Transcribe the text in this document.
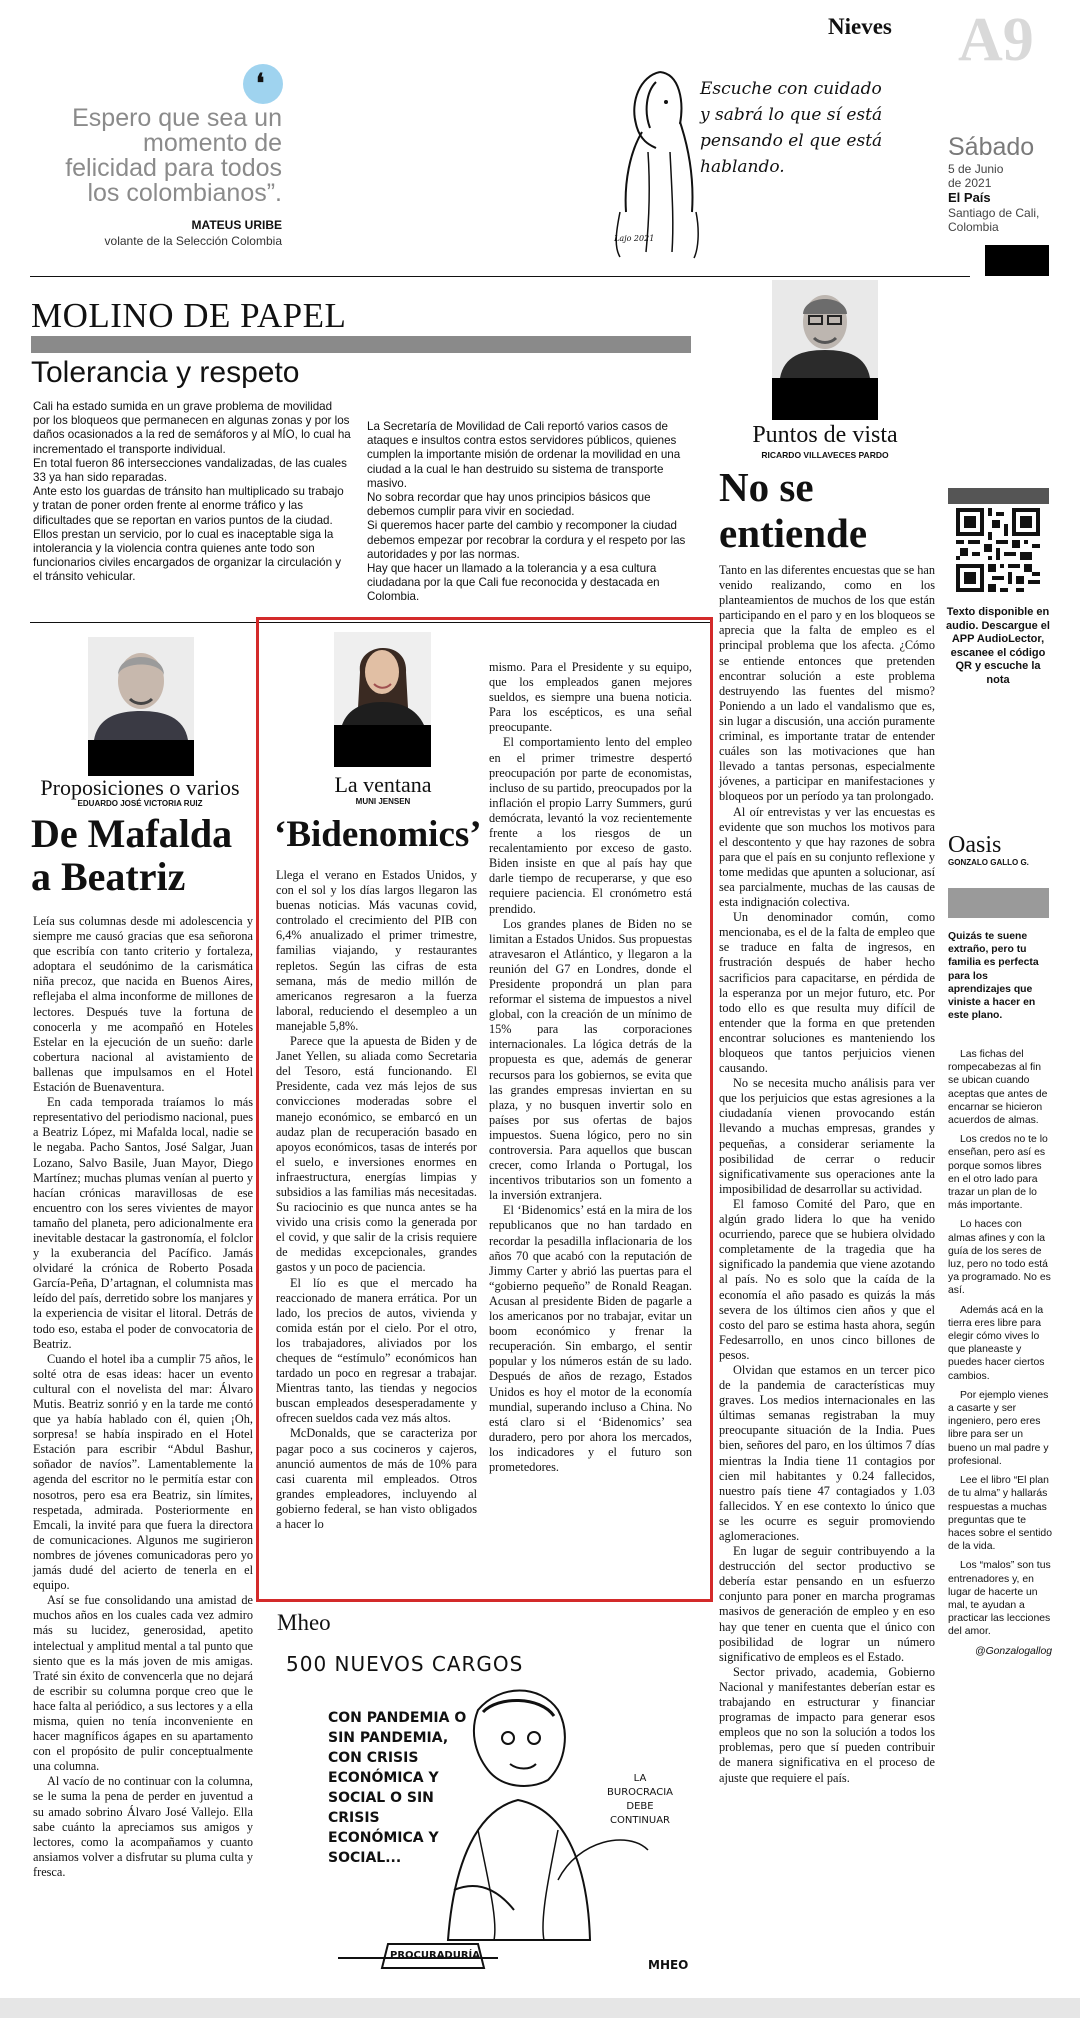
Nieves A9
Sábado
5 de Junio
de 2021
El País
Santiago de Cali,
Colombia
❛
Espero que sea un momento de felicidad para todos los colombianos”.
MATEUS URIBE
volante de la Selección Colombia
Escuche con cuidado y sabrá lo que sí está pensando el que está hablando.
Lajo 2021
MOLINO DE PAPEL
Tolerancia y respeto

Cali ha estado sumida en un grave problema de movilidad por los bloqueos que permanecen en algunas zonas y por los daños ocasionados a la red de semáforos y al MÍO, lo cual ha incrementado el transporte individual.

En total fueron 86 intersecciones vandalizadas, de las cuales 33 ya han sido reparadas.

Ante esto los guardas de tránsito han multiplicado su trabajo y tratan de poner orden frente al enorme tráfico y las dificultades que se reportan en varios puntos de la ciudad.

Ellos prestan un servicio, por lo cual es inaceptable siga la intolerancia y la violencia contra quienes ante todo son funcionarios civiles encargados de organizar la circulación y el tránsito vehicular.

La Secretaría de Movilidad de Cali reportó varios casos de ataques e insultos contra estos servidores públicos, quienes cumplen la importante misión de ordenar la movilidad en una ciudad a la cual le han destruido su sistema de transporte masivo.

No sobra recordar que hay unos principios básicos que debemos cumplir para vivir en sociedad.

Si queremos hacer parte del cambio y recomponer la ciudad debemos empezar por recobrar la cordura y el respeto por las autoridades y por las normas.

Hay que hacer un llamado a la tolerancia y a esa cultura ciudadana por la que Cali fue reconocida y destacada en Colombia.

Puntos de vista
RICARDO VILLAVECES PARDO
No se entiende

Tanto en las diferentes encuestas que se han venido realizando, como en los planteamientos de muchos de los que están participando en el paro y en los bloqueos se aprecia que la falta de empleo es el principal problema que los afecta. ¿Cómo se entiende entonces que pretenden encontrar solución a este problema destruyendo las fuentes del mismo? Poniendo a un lado el vandalismo que es, sin lugar a discusión, una acción puramente criminal, es importante tratar de entender cuáles son las motivaciones que han llevado a tantas personas, especialmente jóvenes, a participar en manifestaciones y bloqueos por un período ya tan prolongado.

Al oír entrevistas y ver las encuestas es evidente que son muchos los motivos para el descontento y que hay razones de sobra para que el país en su conjunto reflexione y tome medidas que apunten a solucionar, así sea parcialmente, muchas de las causas de esta indignación colectiva.

Un denominador común, como mencionaba, es el de la falta de empleo que se traduce en falta de ingresos, en frustración después de haber hecho sacrificios para capacitarse, en pérdida de la esperanza por un mejor futuro, etc. Por todo ello es que resulta muy difícil de entender que la forma en que pretenden encontrar soluciones es manteniendo los bloqueos que tantos perjuicios vienen causando.

No se necesita mucho análisis para ver que los perjuicios que estas agresiones a la ciudadanía vienen provocando están llevando a muchas empresas, grandes y pequeñas, a considerar seriamente la posibilidad de cerrar o reducir significativamente sus operaciones ante la imposibilidad de desarrollar su actividad.

El famoso Comité del Paro, que en algún grado lidera lo que ha venido ocurriendo, parece que se hubiera olvidado completamente de la tragedia que ha significado la pandemia que viene azotando al país. No es solo que la caída de la economía el año pasado es quizás la más severa de los últimos cien años y que el costo del paro se estima hasta ahora, según Fedesarrollo, en unos cinco billones de pesos.

Olvidan que estamos en un tercer pico de la pandemia de características muy graves. Los medios internacionales en las últimas semanas registraban la muy preocupante situación de la India. Pues bien, señores del paro, en los últimos 7 días mientras la India tiene 11 contagios por cien mil habitantes y 0.24 fallecidos, nuestro país tiene 47 contagiados y 1.03 fallecidos. Y en ese contexto lo único que se les ocurre es seguir promoviendo aglomeraciones.

En lugar de seguir contribuyendo a la destrucción del sector productivo se debería estar pensando en un esfuerzo conjunto para poner en marcha programas masivos de generación de empleo y en eso hay que tener en cuenta que el único con posibilidad de lograr un número significativo de empleos es el Estado.

Sector privado, academia, Gobierno Nacional y manifestantes deberían estar es trabajando en estructurar y financiar programas de impacto para generar esos empleos que no son la solución a todos los problemas, pero que sí pueden contribuir de manera significativa en el proceso de ajuste que requiere el país.

Texto disponible en audio. Descargue el APP AudioLector, escanee el código QR y escuche la nota
Oasis
GONZALO GALLO G.
Quizás te suene extraño, pero tu familia es perfecta para los aprendizajes que viniste a hacer en este plano.

Las fichas del rompecabezas al fin se ubican cuando aceptas que antes de encarnar se hicieron acuerdos de almas.

Los credos no te lo enseñan, pero así es porque somos libres en el otro lado para trazar un plan de lo más importante.

Lo haces con almas afines y con la guía de los seres de luz, pero no todo está ya programado. No es así.

Además acá en la tierra eres libre para elegir cómo vives lo que planeaste y puedes hacer ciertos cambios.

Por ejemplo vienes a casarte y ser ingeniero, pero eres libre para ser un bueno un mal padre y profesional.

Lee el libro “El plan de tu alma” y hallarás respuestas a muchas preguntas que te haces sobre el sentido de la vida.

Los “malos” son tus entrenadores y, en lugar de hacerte un mal, te ayudan a practicar las lecciones del amor.

@Gonzalogallog

Proposiciones o varios
EDUARDO JOSÉ VICTORIA RUIZ
De Mafalda a Beatriz

Leía sus columnas desde mi adolescencia y siempre me causó gracias que esa señorona que escribía con tanto criterio y fortaleza, adoptara el seudónimo de la carismática niña precoz, que nacida en Buenos Aires, reflejaba el alma inconforme de millones de lectores. Después tuve la fortuna de conocerla y me acompañó en Hoteles Estelar en la ejecución de un sueño: darle cobertura nacional al avistamiento de ballenas que impulsamos en el Hotel Estación de Buenaventura.

En cada temporada traíamos lo más representativo del periodismo nacional, pues a Beatriz López, mi Mafalda local, nadie se le negaba. Pacho Santos, José Salgar, Juan Lozano, Salvo Basile, Juan Mayor, Diego Martínez; muchas plumas venían al puerto y hacían crónicas maravillosas de ese encuentro con los seres vivientes de mayor tamaño del planeta, pero adicionalmente era inevitable destacar la gastronomía, el folclor y la exuberancia del Pacífico. Jamás olvidaré la crónica de Roberto Posada García-Peña, D’artagnan, el columnista mas leído del país, derretido sobre los manjares y la experiencia de visitar el litoral. Detrás de todo eso, estaba el poder de convocatoria de Beatriz.

Cuando el hotel iba a cumplir 75 años, le solté otra de esas ideas: hacer un evento cultural con el novelista del mar: Álvaro Mutis. Beatriz sonrió y en la tarde me contó que ya había hablado con él, quien ¡Oh, sorpresa! se había inspirado en el Hotel Estación para escribir “Abdul Bashur, soñador de navíos”. Lamentablemente la agenda del escritor no le permitía estar con nosotros, pero esa era Beatriz, sin límites, respetada, admirada. Posteriormente en Emcali, la invité para que fuera la directora de comunicaciones. Algunos me sugirieron nombres de jóvenes comunicadoras pero yo jamás dudé del acierto de tenerla en el equipo.

Así se fue consolidando una amistad de muchos años en los cuales cada vez admiro más su lucidez, generosidad, apetito intelectual y amplitud mental a tal punto que siento que es la más joven de mis amigas. Traté sin éxito de convencerla que no dejará de escribir su columna porque creo que le hace falta al periódico, a sus lectores y a ella misma, quien no tenía inconveniente en hacer magníficos ágapes en su apartamento con el propósito de pulir conceptualmente una columna.

Al vacío de no continuar con la columna, se le suma la pena de perder en juventud a su amado sobrino Álvaro José Vallejo. Ella sabe cuánto la apreciamos sus amigos y lectores, como la acompañamos y cuanto ansiamos volver a disfrutar su pluma culta y fresca.

La ventana
MUNI JENSEN
‘Bidenomics’

Llega el verano en Estados Unidos, y con el sol y los días largos llegaron las buenas noticias. Más vacunas covid, controlado el crecimiento del PIB con 6,4% anualizado el primer trimestre, familias viajando, y restaurantes repletos. Según las cifras de esta semana, más de medio millón de americanos regresaron a la fuerza laboral, reduciendo el desempleo a un manejable 5,8%.

Parece que la apuesta de Biden y de Janet Yellen, su aliada como Secretaria del Tesoro, está funcionando. El Presidente, cada vez más lejos de sus convicciones moderadas sobre el manejo económico, se embarcó en un audaz plan de recuperación basado en apoyos económicos, tasas de interés por el suelo, e inversiones enormes en infraestructura, energías limpias y subsidios a las familias más necesitadas. Su raciocinio es que nunca antes se ha vivido una crisis como la generada por el covid, y que salir de la crisis requiere de medidas excepcionales, grandes gastos y un poco de paciencia.

El lío es que el mercado ha reaccionado de manera errática. Por un lado, los precios de autos, vivienda y comida están por el cielo. Por el otro, los trabajadores, aliviados por los cheques de “estímulo” económicos han tardado un poco en regresar a trabajar. Mientras tanto, las tiendas y negocios buscan empleados desesperadamente y ofrecen sueldos cada vez más altos.

McDonalds, que se caracteriza por pagar poco a sus cocineros y cajeros, anunció aumentos de más de 10% para casi cuarenta mil empleados. Otros grandes empleadores, incluyendo al gobierno federal, se han visto obligados a hacer lo

mismo. Para el Presidente y su equipo, que los empleados ganen mejores sueldos, es siempre una buena noticia. Para los escépticos, es una señal preocupante.

El comportamiento lento del empleo en el primer trimestre despertó preocupación por parte de economistas, incluso de su partido, preocupados por la inflación el propio Larry Summers, gurú demócrata, levantó la voz recientemente frente a los riesgos de un recalentamiento por exceso de gasto. Biden insiste en que al país hay que darle tiempo de recuperarse, y que eso requiere paciencia. El cronómetro está prendido.

Los grandes planes de Biden no se limitan a Estados Unidos. Sus propuestas atravesaron el Atlántico, y llegaron a la reunión del G7 en Londres, donde el Presidente propondrá un plan para reformar el sistema de impuestos a nivel global, con la creación de un mínimo de 15% para las corporaciones internacionales. La lógica detrás de la propuesta es que, además de generar recursos para los gobiernos, se evita que las grandes empresas inviertan en su plaza, y no busquen invertir solo en países por sus ofertas de bajos impuestos. Suena lógico, pero no sin controversia. Para aquellos que buscan crecer, como Irlanda o Portugal, los incentivos tributarios son un fomento a la inversión extranjera.

El ‘Bidenomics’ está en la mira de los republicanos que no han tardado en recordar la pesadilla inflacionaria de los años 70 que acabó con la reputación de Jimmy Carter y abrió las puertas para el “gobierno pequeño” de Ronald Reagan. Acusan al presidente Biden de pagarle a los americanos por no trabajar, evitar un boom económico y frenar la recuperación. Sin embargo, el sentir popular y los números están de su lado. Después de años de rezago, Estados Unidos es hoy el motor de la economía mundial, superando incluso a China. No está claro si el ‘Bidenomics’ sea duradero, pero por ahora los mercados, los indicadores y el futuro son prometedores.

Mheo
500 NUEVOS CARGOS
CON PANDEMIA O SIN PANDEMIA, CON CRISIS ECONÓMICA Y SOCIAL O SIN CRISIS ECONÓMICA Y SOCIAL...
LA BUROCRACIA DEBE CONTINUAR
PROCURADURÍA
MHEO
